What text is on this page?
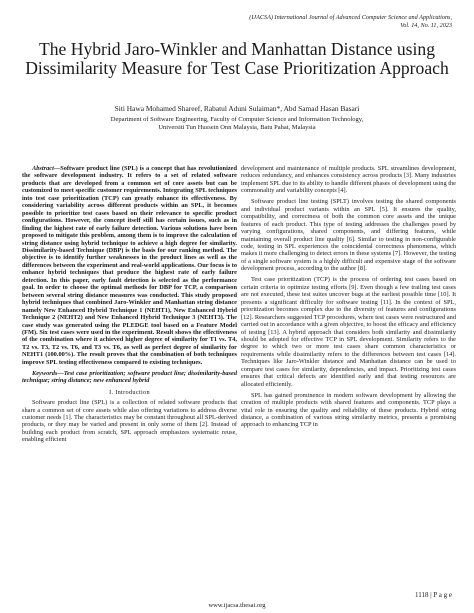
(IJACSA) International Journal of Advanced Computer Science and Applications,
Vol. 14, No. 11, 2023
The Hybrid Jaro-Winkler and Manhattan Distance using Dissimilarity Measure for Test Case Prioritization Approach
Siti Hawa Mohamed Shareef, Rabatul Aduni Sulaiman*, Abd Samad Hasan Basari
Department of Software Engineering, Faculty of Computer Science and Information Technology,
Universiti Tun Hussein Onn Malaysia, Batu Pahat, Malaysia

Abstract—Software product line (SPL) is a concept that has revolutionized the software development industry. It refers to a set of related software products that are developed from a common set of core assets but can be customized to meet specific customer requirements. Integrating SPL techniques into test case prioritization (TCP) can greatly enhance its effectiveness. By considering variability across different products within an SPL, it becomes possible to prioritize test cases based on their relevance to specific product configurations. However, the concept itself still has certain issues, such as in finding the highest rate of early failure detection. Various solutions have been proposed to mitigate this problem, among them is to improve the calculation of string distance using hybrid technique to achieve a high degree for similarity. Dissimilarity-based Technique (DBP) is the basis for our ranking method. The objective is to identify further weaknesses in the product lines as well as the differences between the experiment and real-world applications. Our focus is to enhance hybrid techniques that produce the highest rate of early failure detection. In this paper, early fault detection is selected as the performance goal. In order to choose the optimal methods for DBP for TCP, a comparison between several string distance measures was conducted. This study proposed hybrid techniques that combined Jaro-Winkler and Manhattan string distance namely New Enhanced Hybrid Technique 1 (NEHT1), New Enhanced Hybrid Technique 2 (NEHT2) and New Enhanced Hybrid Technique 3 (NEHT3). The case study was generated using the PLEDGE tool based on a Feature Model (FM). Six test cases were used in the experiment. Result shows the effectiveness of the combination where it achieved higher degree of similarity for T1 vs. T4, T2 vs. T3, T2 vs. T6, and T3 vs. T6, as well as perfect degree of similarity for NEHT1 (100.00%). The result proves that the combination of both techniques improve SPL testing effectiveness compared to existing techniques.

Keywords—Test case prioritization; software product line; dissimilarity-based technique; string distance; new enhanced hybrid

I. Introduction

Software product line (SPL) is a collection of related software products that share a common set of core assets while also offering variations to address diverse customer needs [1]. The characteristics may be constant throughout all SPL-derived products, or they may be varied and present in only some of them [2]. Instead of building each product from scratch, SPL approach emphasizes systematic reuse, enabling efficient

development and maintenance of multiple products. SPL streamlines development, reduces redundancy, and enhances consistency across products [3]. Many industries implement SPL due to its ability to handle different phases of development using the commonality and variability concepts [4].

Software product line testing (SPLT) involves testing the shared components and individual product variants within an SPL [5]. It ensures the quality, compatibility, and correctness of both the common core assets and the unique features of each product. This type of testing addresses the challenges posed by varying configurations, shared components, and differing features, while maintaining overall product line quality [6]. Similar to testing in non-configurable code, testing in SPL experiences the coincidental correctness phenomena, which makes it more challenging to detect errors in these systems [7]. However, the testing of a single software system is a highly difficult and expensive stage of the software development process, according to the author [8].

Test case prioritization (TCP) is the process of ordering test cases based on certain criteria to optimize testing efforts [9]. Even though a few trailing test cases are not executed, these test suites uncover bugs at the earliest possible time [10]. It presents a significant difficulty for software testing [11]. In the context of SPL, prioritization becomes complex due to the diversity of features and configurations [12]. Researchers suggested TCP procedures, where test cases were restructured and carried out in accordance with a given objective, to boost the efficacy and efficiency of testing [13]. A hybrid approach that considers both similarity and dissimilarity should be adopted for effective TCP in SPL development. Similarity refers to the degree to which two or more test cases share common characteristics or requirements while dissimilarity refers to the differences between test cases [14]. Techniques like Jaro-Winkler distance and Manhattan distance can be used to compare test cases for similarity, dependencies, and impact. Prioritizing test cases ensures that critical defects are identified early and that testing resources are allocated efficiently.

SPL has gained prominence in modern software development by allowing the creation of multiple products with shared features and components. TCP plays a vital role in ensuring the quality and reliability of these products. Hybrid string distance, a combination of various string similarity metrics, presents a promising approach to enhancing TCP in

1118 | P a g e
www.ijacsa.thesai.org
